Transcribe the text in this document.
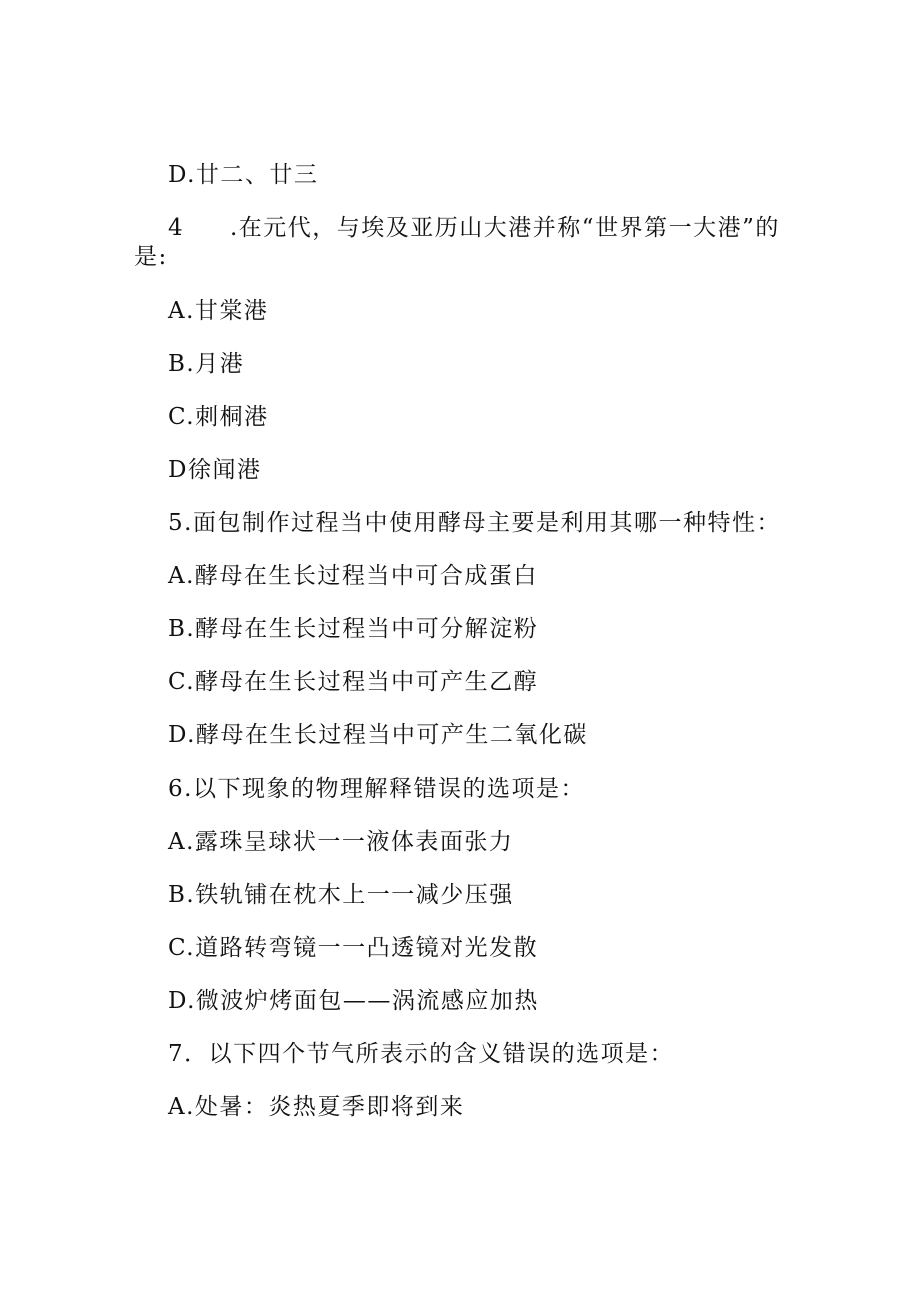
D.廿二、廿三
4 .在元代，与埃及亚历山大港并称“世界第一大港”的
是:
A.甘棠港
B.月港
C.刺桐港
D徐闻港
5.面包制作过程当中使用酵母主要是利用其哪一种特性：
A.酵母在生长过程当中可合成蛋白
B.酵母在生长过程当中可分解淀粉
C.酵母在生长过程当中可产生乙醇
D.酵母在生长过程当中可产生二氧化碳
6.以下现象的物理解释错误的选项是：
A.露珠呈球状一一液体表面张力
B.铁轨铺在枕木上一一减少压强
C.道路转弯镜一一凸透镜对光发散
D.微波炉烤面包——涡流感应加热
7．以下四个节气所表示的含义错误的选项是：
A.处暑：炎热夏季即将到来
